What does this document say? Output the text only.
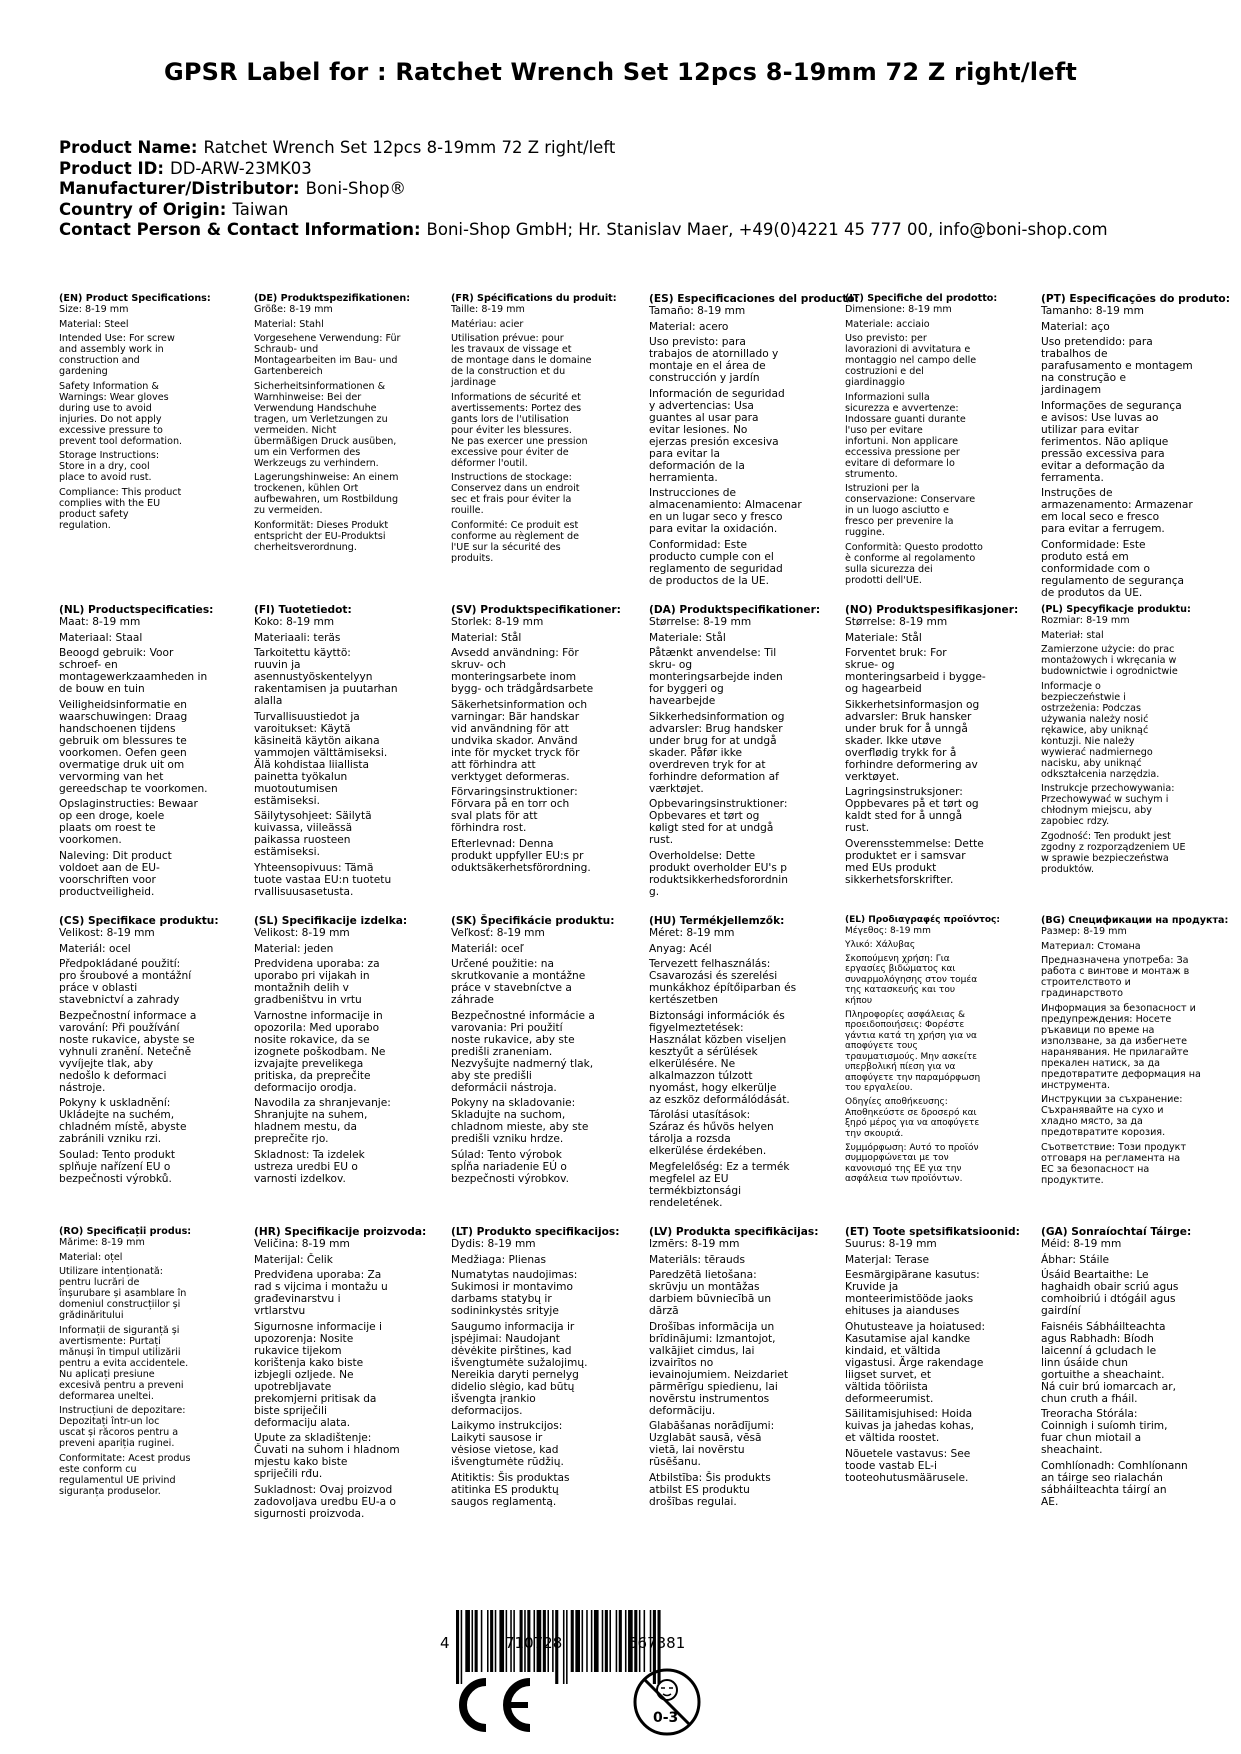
GPSR Label for : Ratchet Wrench Set 12pcs 8-19mm 72 Z right/left
Product Name: Ratchet Wrench Set 12pcs 8-19mm 72 Z right/left
Product ID: DD-ARW-23MK03
Manufacturer/Distributor: Boni-Shop®
Country of Origin: Taiwan
Contact Person & Contact Information: Boni-Shop GmbH; Hr. Stanislav Maer, +49(0)4221 45 777 00, info@boni-shop.com
(EN) Product Specifications:
Size: 8-19 mm
Material: Steel
Intended Use: For screw
and assembly work in
construction and
gardening
Safety Information &
Warnings: Wear gloves
during use to avoid
injuries. Do not apply
excessive pressure to
prevent tool deformation.
Storage Instructions:
Store in a dry, cool
place to avoid rust.
Compliance: This product
complies with the EU
product safety
regulation.
(DE) Produktspezifikationen:
Größe: 8-19 mm
Material: Stahl
Vorgesehene Verwendung: Für
Schraub- und
Montagearbeiten im Bau- und
Gartenbereich
Sicherheitsinformationen &
Warnhinweise: Bei der
Verwendung Handschuhe
tragen, um Verletzungen zu
vermeiden. Nicht
übermäßigen Druck ausüben,
um ein Verformen des
Werkzeugs zu verhindern.
Lagerungshinweise: An einem
trockenen, kühlen Ort
aufbewahren, um Rostbildung
zu vermeiden.
Konformität: Dieses Produkt
entspricht der EU-Produktsi
cherheitsverordnung.
(FR) Spécifications du produit:
Taille: 8-19 mm
Matériau: acier
Utilisation prévue: pour
les travaux de vissage et
de montage dans le domaine
de la construction et du
jardinage
Informations de sécurité et
avertissements: Portez des
gants lors de l'utilisation
pour éviter les blessures.
Ne pas exercer une pression
excessive pour éviter de
déformer l'outil.
Instructions de stockage:
Conservez dans un endroit
sec et frais pour éviter la
rouille.
Conformité: Ce produit est
conforme au règlement de
l'UE sur la sécurité des
produits.
(ES) Especificaciones del producto:
Tamaño: 8-19 mm
Material: acero
Uso previsto: para
trabajos de atornillado y
montaje en el área de
construcción y jardín
Información de seguridad
y advertencias: Usa
guantes al usar para
evitar lesiones. No
ejerzas presión excesiva
para evitar la
deformación de la
herramienta.
Instrucciones de
almacenamiento: Almacenar
en un lugar seco y fresco
para evitar la oxidación.
Conformidad: Este
producto cumple con el
reglamento de seguridad
de productos de la UE.
(IT) Specifiche del prodotto:
Dimensione: 8-19 mm
Materiale: acciaio
Uso previsto: per
lavorazioni di avvitatura e
montaggio nel campo delle
costruzioni e del
giardinaggio
Informazioni sulla
sicurezza e avvertenze:
Indossare guanti durante
l'uso per evitare
infortuni. Non applicare
eccessiva pressione per
evitare di deformare lo
strumento.
Istruzioni per la
conservazione: Conservare
in un luogo asciutto e
fresco per prevenire la
ruggine.
Conformità: Questo prodotto
è conforme al regolamento
sulla sicurezza dei
prodotti dell'UE.
(PT) Especificações do produto:
Tamanho: 8-19 mm
Material: aço
Uso pretendido: para
trabalhos de
parafusamento e montagem
na construção e
jardinagem
Informações de segurança
e avisos: Use luvas ao
utilizar para evitar
ferimentos. Não aplique
pressão excessiva para
evitar a deformação da
ferramenta.
Instruções de
armazenamento: Armazenar
em local seco e fresco
para evitar a ferrugem.
Conformidade: Este
produto está em
conformidade com o
regulamento de segurança
de produtos da UE.
(NL) Productspecificaties:
Maat: 8-19 mm
Materiaal: Staal
Beoogd gebruik: Voor
schroef- en
montagewerkzaamheden in
de bouw en tuin
Veiligheidsinformatie en
waarschuwingen: Draag
handschoenen tijdens
gebruik om blessures te
voorkomen. Oefen geen
overmatige druk uit om
vervorming van het
gereedschap te voorkomen.
Opslaginstructies: Bewaar
op een droge, koele
plaats om roest te
voorkomen.
Naleving: Dit product
voldoet aan de EU-
voorschriften voor
productveiligheid.
(FI) Tuotetiedot:
Koko: 8-19 mm
Materiaali: teräs
Tarkoitettu käyttö:
ruuvin ja
asennustyöskentelyyn
rakentamisen ja puutarhan
alalla
Turvallisuustiedot ja
varoitukset: Käytä
käsineitä käytön aikana
vammojen välttämiseksi.
Älä kohdistaa liiallista
painetta työkalun
muotoutumisen
estämiseksi.
Säilytysohjeet: Säilytä
kuivassa, viileässä
paikassa ruosteen
estämiseksi.
Yhteensopivuus: Tämä
tuote vastaa EU:n tuotetu
rvallisuusasetusta.
(SV) Produktspecifikationer:
Storlek: 8-19 mm
Material: Stål
Avsedd användning: För
skruv- och
monteringsarbete inom
bygg- och trädgårdsarbete
Säkerhetsinformation och
varningar: Bär handskar
vid användning för att
undvika skador. Använd
inte för mycket tryck för
att förhindra att
verktyget deformeras.
Förvaringsinstruktioner:
Förvara på en torr och
sval plats för att
förhindra rost.
Efterlevnad: Denna
produkt uppfyller EU:s pr
oduktsäkerhetsförordning.
(DA) Produktspecifikationer:
Størrelse: 8-19 mm
Materiale: Stål
Påtænkt anvendelse: Til
skru- og
monteringsarbejde inden
for byggeri og
havearbejde
Sikkerhedsinformation og
advarsler: Brug handsker
under brug for at undgå
skader. Påfør ikke
overdreven tryk for at
forhindre deformation af
værktøjet.
Opbevaringsinstruktioner:
Opbevares et tørt og
køligt sted for at undgå
rust.
Overholdelse: Dette
produkt overholder EU's p
roduktsikkerhedsforordnin
g.
(NO) Produktspesifikasjoner:
Størrelse: 8-19 mm
Materiale: Stål
Forventet bruk: For
skrue- og
monteringsarbeid i bygge-
og hagearbeid
Sikkerhetsinformasjon og
advarsler: Bruk hansker
under bruk for å unngå
skader. Ikke utøve
overflødig trykk for å
forhindre deformering av
verktøyet.
Lagringsinstruksjoner:
Oppbevares på et tørt og
kaldt sted for å unngå
rust.
Overensstemmelse: Dette
produktet er i samsvar
med EUs produkt
sikkerhetsforskrifter.
(PL) Specyfikacje produktu:
Rozmiar: 8-19 mm
Materiał: stal
Zamierzone użycie: do prac
montażowych i wkręcania w
budownictwie i ogrodnictwie
Informacje o
bezpieczeństwie i
ostrzeżenia: Podczas
używania należy nosić
rękawice, aby uniknąć
kontuzji. Nie należy
wywierać nadmiernego
nacisku, aby uniknąć
odkształcenia narzędzia.
Instrukcje przechowywania:
Przechowywać w suchym i
chłodnym miejscu, aby
zapobiec rdzy.
Zgodność: Ten produkt jest
zgodny z rozporządzeniem UE
w sprawie bezpieczeństwa
produktów.
(CS) Specifikace produktu:
Velikost: 8-19 mm
Materiál: ocel
Předpokládané použití:
pro šroubové a montážní
práce v oblasti
stavebnictví a zahrady
Bezpečnostní informace a
varování: Při používání
noste rukavice, abyste se
vyhnuli zranění. Netečně
vyvíjejte tlak, aby
nedošlo k deformaci
nástroje.
Pokyny k uskladnění:
Ukládejte na suchém,
chladném místě, abyste
zabránili vzniku rzi.
Soulad: Tento produkt
splňuje nařízení EU o
bezpečnosti výrobků.
(SL) Specifikacije izdelka:
Velikost: 8-19 mm
Material: jeden
Predvidena uporaba: za
uporabo pri vijakah in
montažnih delih v
gradbeništvu in vrtu
Varnostne informacije in
opozorila: Med uporabo
nosite rokavice, da se
izognete poškodbam. Ne
izvajajte prevelikega
pritiska, da preprečite
deformacijo orodja.
Navodila za shranjevanje:
Shranjujte na suhem,
hladnem mestu, da
preprečite rjo.
Skladnost: Ta izdelek
ustreza uredbi EU o
varnosti izdelkov.
(SK) Špecifikácie produktu:
Veľkosť: 8-19 mm
Materiál: oceľ
Určené použitie: na
skrutkovanie a montážne
práce v stavebníctve a
záhrade
Bezpečnostné informácie a
varovania: Pri použití
noste rukavice, aby ste
predišli zraneniam.
Nezvyšujte nadmerný tlak,
aby ste predišli
deformácii nástroja.
Pokyny na skladovanie:
Skladujte na suchom,
chladnom mieste, aby ste
predišli vzniku hrdze.
Súlad: Tento výrobok
spĺňa nariadenie EÚ o
bezpečnosti výrobkov.
(HU) Termékjellemzők:
Méret: 8-19 mm
Anyag: Acél
Tervezett felhasználás:
Csavarozási és szerelési
munkákhoz építőiparban és
kertészetben
Biztonsági információk és
figyelmeztetések:
Használat közben viseljen
kesztyűt a sérülések
elkerülésére. Ne
alkalmazzon túlzott
nyomást, hogy elkerülje
az eszköz deformálódását.
Tárolási utasítások:
Száraz és hűvös helyen
tárolja a rozsda
elkerülése érdekében.
Megfelelőség: Ez a termék
megfelel az EU
termékbiztonsági
rendeletének.
(EL) Προδιαγραφές προϊόντος:
Μέγεθος: 8-19 mm
Υλικό: Χάλυβας
Σκοπούμενη χρήση: Για
εργασίες βιδώματος και
συναρμολόγησης στον τομέα
της κατασκευής και του
κήπου
Πληροφορίες ασφάλειας &
προειδοποιήσεις: Φορέστε
γάντια κατά τη χρήση για να
αποφύγετε τους
τραυματισμούς. Μην ασκείτε
υπερβολική πίεση για να
αποφύγετε την παραμόρφωση
του εργαλείου.
Οδηγίες αποθήκευσης:
Αποθηκεύστε σε δροσερό και
ξηρό μέρος για να αποφύγετε
την σκουριά.
Συμμόρφωση: Αυτό το προϊόν
συμμορφώνεται με τον
κανονισμό της ΕΕ για την
ασφάλεια των προϊόντων.
(BG) Спецификации на продукта:
Размер: 8-19 mm
Материал: Стомана
Предназначена употреба: За
работа с винтове и монтаж в
строителството и
градинарството
Информация за безопасност и
предупреждения: Носете
ръкавици по време на
използване, за да избегнете
наранявания. Не прилагайте
прекален натиск, за да
предотвратите деформация на
инструмента.
Инструкции за съхранение:
Съхранявайте на сухо и
хладно място, за да
предотвратите корозия.
Съответствие: Този продукт
отговаря на регламента на
ЕС за безопасност на
продуктите.
(RO) Specificații produs:
Mărime: 8-19 mm
Material: oțel
Utilizare intenționată:
pentru lucrări de
înșurubare și asamblare în
domeniul construcțiilor și
grădinăritului
Informații de siguranță și
avertismente: Purtați
mănuși în timpul utilizării
pentru a evita accidentele.
Nu aplicați presiune
excesivă pentru a preveni
deformarea uneltei.
Instrucțiuni de depozitare:
Depozitați într-un loc
uscat și răcoros pentru a
preveni apariția ruginei.
Conformitate: Acest produs
este conform cu
regulamentul UE privind
siguranța produselor.
(HR) Specifikacije proizvoda:
Veličina: 8-19 mm
Materijal: Čelik
Predviđena uporaba: Za
rad s vijcima i montažu u
građevinarstvu i
vrtlarstvu
Sigurnosne informacije i
upozorenja: Nosite
rukavice tijekom
korištenja kako biste
izbjegli ozljede. Ne
upotrebljavate
prekomjerni pritisak da
biste spriječili
deformaciju alata.
Upute za skladištenje:
Čuvati na suhom i hladnom
mjestu kako biste
spriječili rđu.
Sukladnost: Ovaj proizvod
zadovoljava uredbu EU-a o
sigurnosti proizvoda.
(LT) Produkto specifikacijos:
Dydis: 8-19 mm
Medžiaga: Plienas
Numatytas naudojimas:
Sukimosi ir montavimo
darbams statybų ir
sodininkystės srityje
Saugumo informacija ir
įspėjimai: Naudojant
dėvėkite pirštines, kad
išvengtumėte sužalojimų.
Nereikia daryti pernelyg
didelio slėgio, kad būtų
išvengta įrankio
deformacijos.
Laikymo instrukcijos:
Laikyti sausose ir
vėsiose vietose, kad
išvengtumėte rūdžių.
Atitiktis: Šis produktas
atitinka ES produktų
saugos reglamentą.
(LV) Produkta specifikācijas:
Izmērs: 8-19 mm
Materiāls: tērauds
Paredzētā lietošana:
skrūvju un montāžas
darbiem būvniecībā un
dārzā
Drošības informācija un
brīdinājumi: Izmantojot,
valkājiet cimdus, lai
izvairītos no
ievainojumiem. Neizdariet
pārmērīgu spiedienu, lai
novērstu instrumentos
deformāciju.
Glabāšanas norādījumi:
Uzglabāt sausā, vēsā
vietā, lai novērstu
rūsēšanu.
Atbilstība: Šis produkts
atbilst ES produktu
drošības regulai.
(ET) Toote spetsifikatsioonid:
Suurus: 8-19 mm
Materjal: Terase
Eesmärgipärane kasutus:
Kruvide ja
monteerimistööde jaoks
ehituses ja aianduses
Ohutusteave ja hoiatused:
Kasutamise ajal kandke
kindaid, et vältida
vigastusi. Ärge rakendage
liigset survet, et
vältida tööriista
deformeerumist.
Säilitamisjuhised: Hoida
kuivas ja jahedas kohas,
et vältida roostet.
Nõuetele vastavus: See
toode vastab EL-i
tooteohutusmäärusele.
(GA) Sonraíochtaí Táirge:
Méid: 8-19 mm
Ábhar: Stáile
Úsáid Beartaithe: Le
haghaidh obair scriú agus
comhoibriú i dtógáil agus
gairdíní
Faisnéis Sábháilteachta
agus Rabhadh: Bíodh
laicenní á gcludach le
linn úsáide chun
gortuithe a sheachaint.
Ná cuir brú iomarcach ar,
chun cruth a fháil.
Treoracha Stórála:
Coinnigh i suíomh tirim,
fuar chun miotail a
sheachaint.
Comhlíonadh: Comhlíonann
an táirge seo rialachán
sábháilteachta táirgí an
AE.
4	710728	667381
0-3
